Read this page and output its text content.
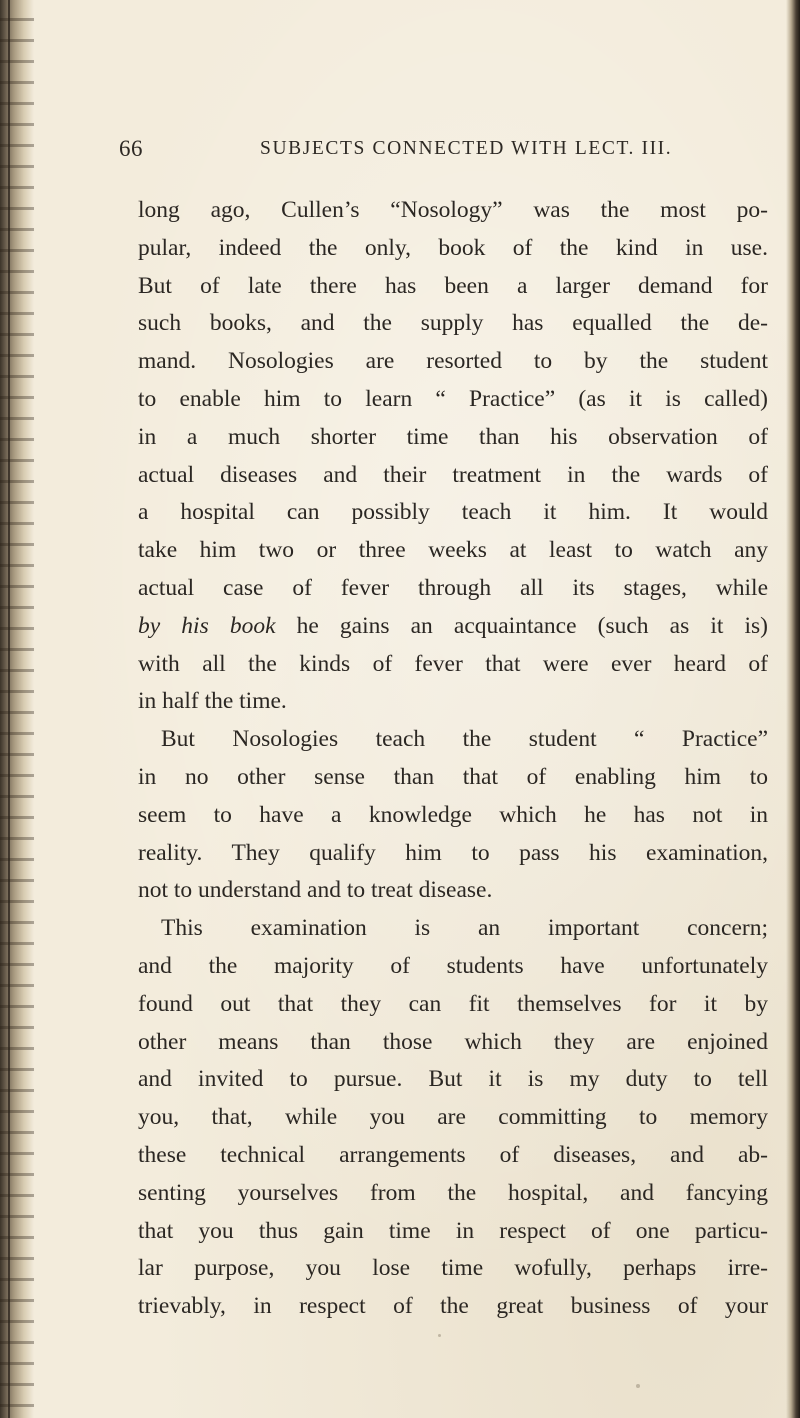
66	SUBJECTS CONNECTED WITH LECT. III.
long ago, Cullen’s “Nosology” was the most po-
pular, indeed the only, book of the kind in use.
But of late there has been a larger demand for
such books, and the supply has equalled the de-
mand. Nosologies are resorted to by the student
to enable him to learn “ Practice” (as it is called)
in a much shorter time than his observation of
actual diseases and their treatment in the wards of
a hospital can possibly teach it him. It would
take him two or three weeks at least to watch any
actual case of fever through all its stages, while
by his book he gains an acquaintance (such as it is)
with all the kinds of fever that were ever heard of
in half the time.
But Nosologies teach the student “ Practice”
in no other sense than that of enabling him to
seem to have a knowledge which he has not in
reality. They qualify him to pass his examination,
not to understand and to treat disease.
This examination is an important concern;
and the majority of students have unfortunately
found out that they can fit themselves for it by
other means than those which they are enjoined
and invited to pursue. But it is my duty to tell
you, that, while you are committing to memory
these technical arrangements of diseases, and ab-
senting yourselves from the hospital, and fancying
that you thus gain time in respect of one particu-
lar purpose, you lose time wofully, perhaps irre-
trievably, in respect of the great business of your
